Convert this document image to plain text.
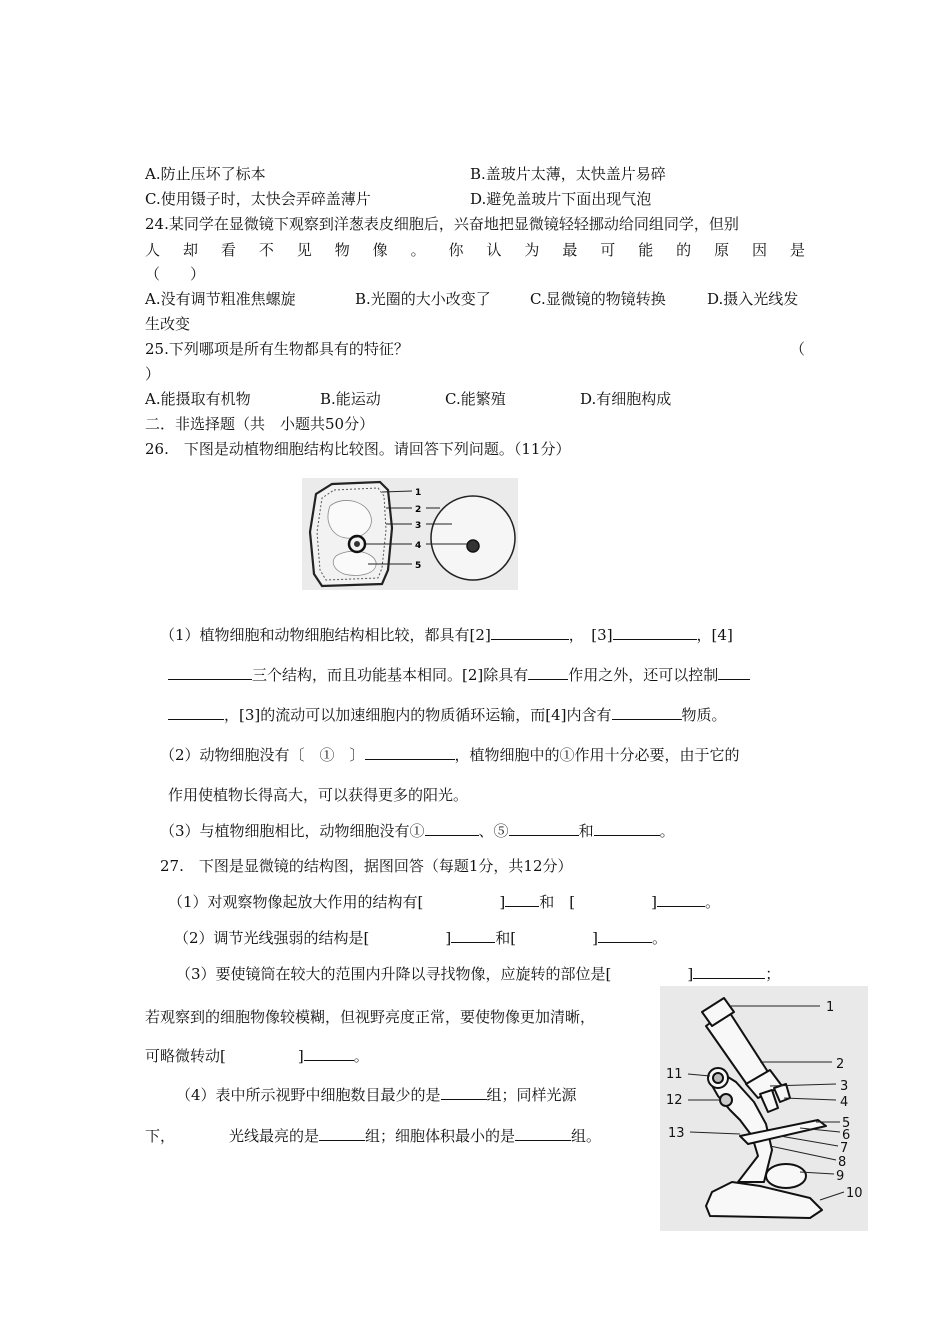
A.防止压坏了标本	B.盖玻片太薄，太快盖片易碎
C.使用镊子时，太快会弄碎盖薄片	D.避免盖玻片下面出现气泡
24.某同学在显微镜下观察到洋葱表皮细胞后，兴奋地把显微镜轻轻挪动给同组同学，但别
人 却 看 不 见 物 像 。 你 认 为 最 可 能 的 原 因 是
（　　）
A.没有调节粗准焦螺旋	B.光圈的大小改变了	C.显微镜的物镜转换	D.摄入光线发
生改变
25.下列哪项是所有生物都具有的特征？	（
）
A.能摄取有机物	B.能运动	C.能繁殖	D.有细胞构成
二．非选择题（共　小题共50分）
26.　下图是动植物细胞结构比较图。请回答下列问题。（11分）
1
2
3
4
5
（1）植物细胞和动物细胞结构相比较，都具有[2]	，　[3]	，[4]
三个结构，而且功能基本相同。[2]除具有	作用之外，还可以控制
，[3]的流动可以加速细胞内的物质循环运输，而[4]内含有	物质。
（2）动物细胞没有〔　①　〕	，植物细胞中的①作用十分必要，由于它的
作用使植物长得高大，可以获得更多的阳光。
（3）与植物细胞相比，动物细胞没有①	、⑤	和	。
27.　下图是显微镜的结构图，据图回答（每题1分，共12分）
（1）对观察物像起放大作用的结构有[	] 和　[	]	。
（2）调节光线强弱的结构是[	]	和[	]	。
（3）要使镜筒在较大的范围内升降以寻找物像，应旋转的部位是[	]	；
若观察到的细胞物像较模糊，但视野亮度正常，要使物像更加清晰，
可略微转动[	]	。
（4）表中所示视野中细胞数目最少的是	组；同样光源
下，	光线最亮的是	组；细胞体积最小的是	组。
1
2
3
4
5
6
7
8
9
10
11
12
13
